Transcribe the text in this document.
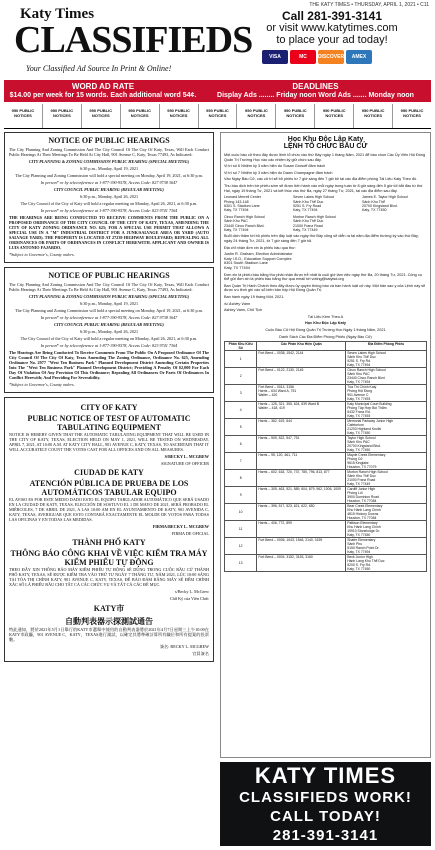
THE KATY TIMES • THURSDAY, APRIL 1, 2021 • C11
Katy Times
CLASSIFIEDS
Your Classified Ad Source In Print & Online!
Call 281-391-3141
or visit www.katytimes.com
to place your ad today!
VISA	MC	DISCOVER	AMEX
WORD AD RATE
$14.00 per week for 15 words. Each additional word 54¢.
DEADLINES
Display Ads ........ Friday noon Word Ads ....... Monday noon
950 PUBLIC NOTICES
950 PUBLIC NOTICES
950 PUBLIC NOTICES
950 PUBLIC NOTICES
950 PUBLIC NOTICES
950 PUBLIC NOTICES
950 PUBLIC NOTICES
950 PUBLIC NOTICES
950 PUBLIC NOTICES
950 PUBLIC NOTICES
950 PUBLIC NOTICES
NOTICE OF PUBLIC HEARINGS

The City Planning And Zoning Commission And The City Council Of The City Of Katy, Texas, Will Each Conduct Public Hearings At Their Meetings To Be Held At City Hall, 901 Avenue C, Katy, Texas 77493, As Indicated:

CITY PLANNING & ZONING COMMISSION PUBLIC HEARING (SPECIAL MEETING)

6:30 p.m., Monday, April 19, 2021

The City Planning and Zoning Commission will hold a special meeting on Monday, April 19, 2021, at 6:30 p.m.

In person* or by teleconference at 1-877-390-9578, Access Code: 827 9738 3647

CITY COUNCIL PUBLIC HEARING (REGULAR MEETING)

6:30 p.m., Monday, April 26, 2021

The City Council of the City of Katy will hold a regular meeting on Monday, April 26, 2021, at 6:30 p.m.

In person* or by teleconference at 1-877-390-9578, Access Code: 823 9741 7364

THE HEARINGS ARE BEING CONDUCTED TO RECEIVE COMMENTS FROM THE PUBLIC ON A PROPOSED ORDINANCE OF THE CITY COUNCIL OF THE CITY OF KATY, TEXAS, AMENDING THE CITY OF KATY ZONING ORDINANCE NO. 625; FOR A SPECIAL USE PERMIT THAT ALLOWS A SPECIAL USE IN A "M" INDUSTRIAL DISTRICT FOR A JUNK/SALVAGE AREA OR YARD (AUTO SALVAGE YARD). THE PROPERTY IS LOCATED AT 27239 HIGHWAY BOULEVARD; REPEALING ALL ORDINANCES OR PARTS OF ORDINANCES IN CONFLICT HEREWITH. APPLICANT AND OWNER IS LUIS ANTONIO FAJARDO.

*Subject to Governor's, County orders.

NOTICE OF PUBLIC HEARINGS

The City Planning And Zoning Commission And The City Council Of The City Of Katy, Texas, Will Each Conduct Public Hearings At Their Meetings To Be Held At City Hall, 901 Avenue C, Katy, Texas 77493, As Indicated:

CITY PLANNING & ZONING COMMISSION PUBLIC HEARING (SPECIAL MEETING)

6:30 p.m., Monday, April 19, 2021

The City Planning and Zoning Commission will hold a special meeting on Monday, April 19, 2021, at 6:30 p.m.

In person* or by teleconference at 1-877-390-9578, Access Code: 827 9738 3647

CITY COUNCIL PUBLIC HEARING (REGULAR MEETING)

6:30 p.m., Monday, April 26, 2021

The City Council of the City of Katy will hold a regular meeting on Monday, April 26, 2021, at 6:30 p.m.

In person* or by teleconference at 1-877-390-9578, Access Code: 823 9741 7364

The Hearings Are Being Conducted To Receive Comments From The Public On A Proposed Ordinance Of The City Council Of The City Of Katy, Texas Amending The Zoning Ordinance, Ordinance No. 625, Amending Ordinance No. 2977 "West Ten Business Park" Planned Development District Amending Certain Properties Into The "West Ten Business Park" Planned Development District; Providing A Penalty Of $2,000 For Each Day Of Violation Of Any Provision Of This Ordinance; Repealing All Ordinances Or Parts Of Ordinances In Conflict Herewith; And Providing For Severability.

*Subject to Governor's, County orders.

CITY OF KATY
PUBLIC NOTICE OF TEST OF AUTOMATIC TABULATING EQUIPMENT

NOTICE IS HEREBY GIVEN THAT THE AUTOMATIC TABULATING EQUIPMENT THAT WILL BE USED IN THE CITY OF KATY, TEXAS, ELECTION HELD ON MAY 1, 2021, WILL BE TESTED ON WEDNESDAY, APRIL 7, 2021, AT 10:00 A.M. AT KATY CITY HALL, 901 AVENUE C, KATY, TEXAS, TO ASCERTAIN THAT IT WILL ACCURATELY COUNT THE VOTES CAST FOR ALL OFFICES AND ON ALL MEASURES.

S/BECKY L. MCGREW

SIGNATURE OF OFFICER

CIUDAD DE KATY
ATENCIÓN PÚBLICA DE PRUEBA DE LOS AUTOMÁTICOS TABULAR EQUIPO

EL AVISO ES POR ESTE MEDIO DADO ESTO EL EQUIPO TABULADOR AUTOMÁTICO QUE SERÁ USADO EN LA CIUDAD DE KATY, TEXAS, ELECCIÓN DE SOSTUVO EL 1 DE MAYO DE 2021, SERÁ PROBADO EL MIÉRCOLES, 7 DE ABRIL DE 2021, A LAS 10:00 AM EN EL AYUNTAMIENTO DE KATY, 901 AVENIDA C, KATY, TEXAS, AVERIGUAR QUE ESTO CONTARÁ EXACTAMENTE EL MOLDE DE VOTOS PARA TODAS LAS OFICINAS Y EN TODAS LAS MEDIDAS.

FIRMA/BECKY L. MCGREW

FIRMA DE OFICIAL

THÀNH PHỐ KATY
THÔNG BÁO CÔNG KHAI VỀ VIỆC KIỂM TRA MÁY KIỂM PHIẾU TỰ ĐỘNG

THEO ĐÂY XIN THÔNG BÁO MÁY KIỂM PHIẾU TỰ ĐỘNG SẼ DÙNG TRONG CUỘC BẦU CỬ THÀNH PHỐ KATY, TEXAS, SẼ ĐƯỢC KIỂM TRA VÀO THỨ TƯ NGÀY 7 THÁNG TƯ, NĂM 2021, LÚC 10:00 SÁNG TẠI TÒA THỊ CHÍNH KATY, 901 AVENUE C, KATY, TEXAS, ĐỂ BẢO ĐẢM RẰNG MÁY SẼ ĐẾM CHÍNH XÁC SỐ LÁ PHIẾU BẦU CHO TẤT CẢ CÁC CHỨC VỤ VÀ TẤT CẢ CÁC ĐỀ MỤC.

s/Becky L. McGrew

Chữ Ký của Viên Chức

KATY市
自動判表器示探測試通告

特此通知，將於2021年5月1日舉行的KATY市選舉中使用的自動判表器將於2021年4月7日星期三上午10:00在KATY市政廳，901 AVENUE C，KATY，TEXAS進行測試，以確定其將準確計算所有職位和所有提案的投票數。

簽名: BECKY L. MCGREW

官員簽名

Học Khu Độc Lập Katy
LỆNH TỔ CHỨC BẦU CỬ

Một cuộc bầu cử theo đây được lệnh tổ chức vào thứ Bảy ngày 1 tháng Năm, 2021 để bầu chọn Các Ủy Viên Hội Đồng Quản Trị Trường Học vào các nhiệm kỳ giữ chức sau đây.

Vị trí số 6 Nhiệm kỳ 3 năm hiện do Susan Grosoff đảm trách

Vị trí số 7 Nhiệm kỳ 3 năm hiện do Dawn Champagne đảm trách

Vào Ngày Bầu Cử, các cử tri sẽ bỏ phiếu từ 7 giờ sáng đến 7 giờ tối tại các địa điểm phòng Tài Liệu Katy Theo đó.

Thu bầu dịch trên bờ phiếu sớm sẽ được tiến hành vào mỗi ngày trong tuần từ 8 giờ sáng đến 5 giờ tối bắt đầu từ thứ Hai, ngày 19 tháng Tư, 2021 và kết thúc vào thứ Ba, ngày 27 tháng Tư, 2021, tại các địa điểm sau đây.

Leonard Merrell Center
Phòng 143-148
6301 S. Stadium Lane
Katy, TX 77494
Seven Lakes High School
Sảnh Khu Thể Dục
9251 S. Fry Road
Katy, TX 77494
James E. Taylor High School
Sảnh Khu Thể
20700 Kingsland Blvd.
Katy, TX 77450
Cinco Ranch High School
Sảnh Khu PAC
23440 Cinco Ranch Blvd.
Katy, TX 77494
Morton Ranch High School
Sảnh Khu Thể Dục
21000 Franz Road
Katy, TX 77449

Buổi dịch thăm tới bỏ phiếu trên đây luật vào ngày thứ Bảy cũng sẽ diễn ra tại năm địa điểm trường kỳ vào thứ Bảy, ngày 24 tháng Tư, 2021, từ 7 giờ sáng đến 7 giờ tối.

Địa chỉ nhận đơn xin lá phiếu bầu qua thư:

Justin R. Graham, Election Administrator
Katy I.S.D., Education Support Complex
6301 South Stadium Lane
Katy, TX 77494

Đơn xin lá phiếu bầu bằng thư phải nhận được trễ nhất là cuối giờ làm việc ngày thứ Ba, 20 tháng Tư, 2021. Công cụ thể gửi đơn xin lá phiếu bầu bằng thư qua email tới voting@katyisd.org

Ban Quản Trị Hành Chánh theo đây được ủy quyền thông báo và ban hành luật cử này. Một bản sao y của Lệnh này sẽ được ưu lệnh ghi vào sổ biên bản hộp Hội Đồng Quản Trị.

Ban hành ngày 19 tháng Một, 2021.

/s/ Ashley Vann

Ashley Vann, Chủ Tịch

Tài Liệu Kèm Theo A

Học Khu Độc Lập Katy

Cuộc Bầu Cử Hội Đồng Quản Trị Trường Học Ngày 1 tháng Năm, 2021

Danh Sách Các Địa Điểm Phòng Phiếu (Ngày Bầu Cử)

Phân Khu Kiểu Số	Các Phân Khu Hiện Quận	Địa Điểm Phòng Phiếu
1	Fort Bend – 0038, 1542, 2144	Seven Lakes High School
Sảnh Khu Thể Dục
9251 S. Fry Rd.
Katy, TX 77494
2	Fort Bend – 0122, 2130, 2145	Cinco Ranch High School
Sảnh Khu PAC
23440 Cinco Ranch Blvd.
Katy, TX 77494
3	Fort Bend – 0014, 3156
Harris – 634 Ward A, 751
Waller – 420	Tòa Thị Chính Katy
Phòng Hội Đồng
901 Avenue C
Katy, TX 77493
4	Harris – 125, 321, 355, 624, 639 Ward B
Waller – 418, 419	Katy Municipal Court Building
Phòng Tập Hợp Bồi Thẩm
5432 Franz Rd.
Katy, TX 77493
5	Harris – 362, 619, 644	Memorial Parkway Junior High
Cafetorium
21203 Highland Knolls
Katy, TX 77450
6	Harris – 509, 522, 547, 751	Taylor High School
Sảnh Khu PAC
20700 Kingsland Blvd.
Katy, TX 77450
7	Harris – 95, 120, 461, 711	Mayde Creek Elementary
Phòng Cử
9615 Kinglake
Houston, TX 77079
8	Harris – 602, 618, 720, 737, 785, 796, 813, 877	Morton Ranch High School
Sảnh Khu Thể Dục
21000 Franz Road
Katy, TX 77449
9	Harris – 305, 463, 521, 589, 604, 879, 962, 1006, 1009	Cardiff Junior High
Phòng Lối
3900 Dominion Road
Houston, TX 77084
10	Harris – 396, 517, 523, 621, 622, 650	Bear Creek Elementary
Khu Hành Lang Chính
4815 Hickory Downs
Houston, TX 77084
11	Harris – 406, 772, 899	Pattison Elementary
Khu Hành Lang Chính
19910 Stonelodge Dr.
Katy, TX 77450
12	Fort Bend – 0006, 1043, 1546, 2140, 3159	Shafer Elementary
Sảnh Phụ
5150 Ranch Point Dr.
Katy, TX 77494
13	Fort Bend – 0004, 3152, 3153, 3160	Beck Junior High
Hành Lang Khu Thể Dục
5200 S. Fry Rd.
Katy, TX 77450
KATY TIMES
CLASSIFIEDS WORK!
CALL TODAY!
281-391-3141
